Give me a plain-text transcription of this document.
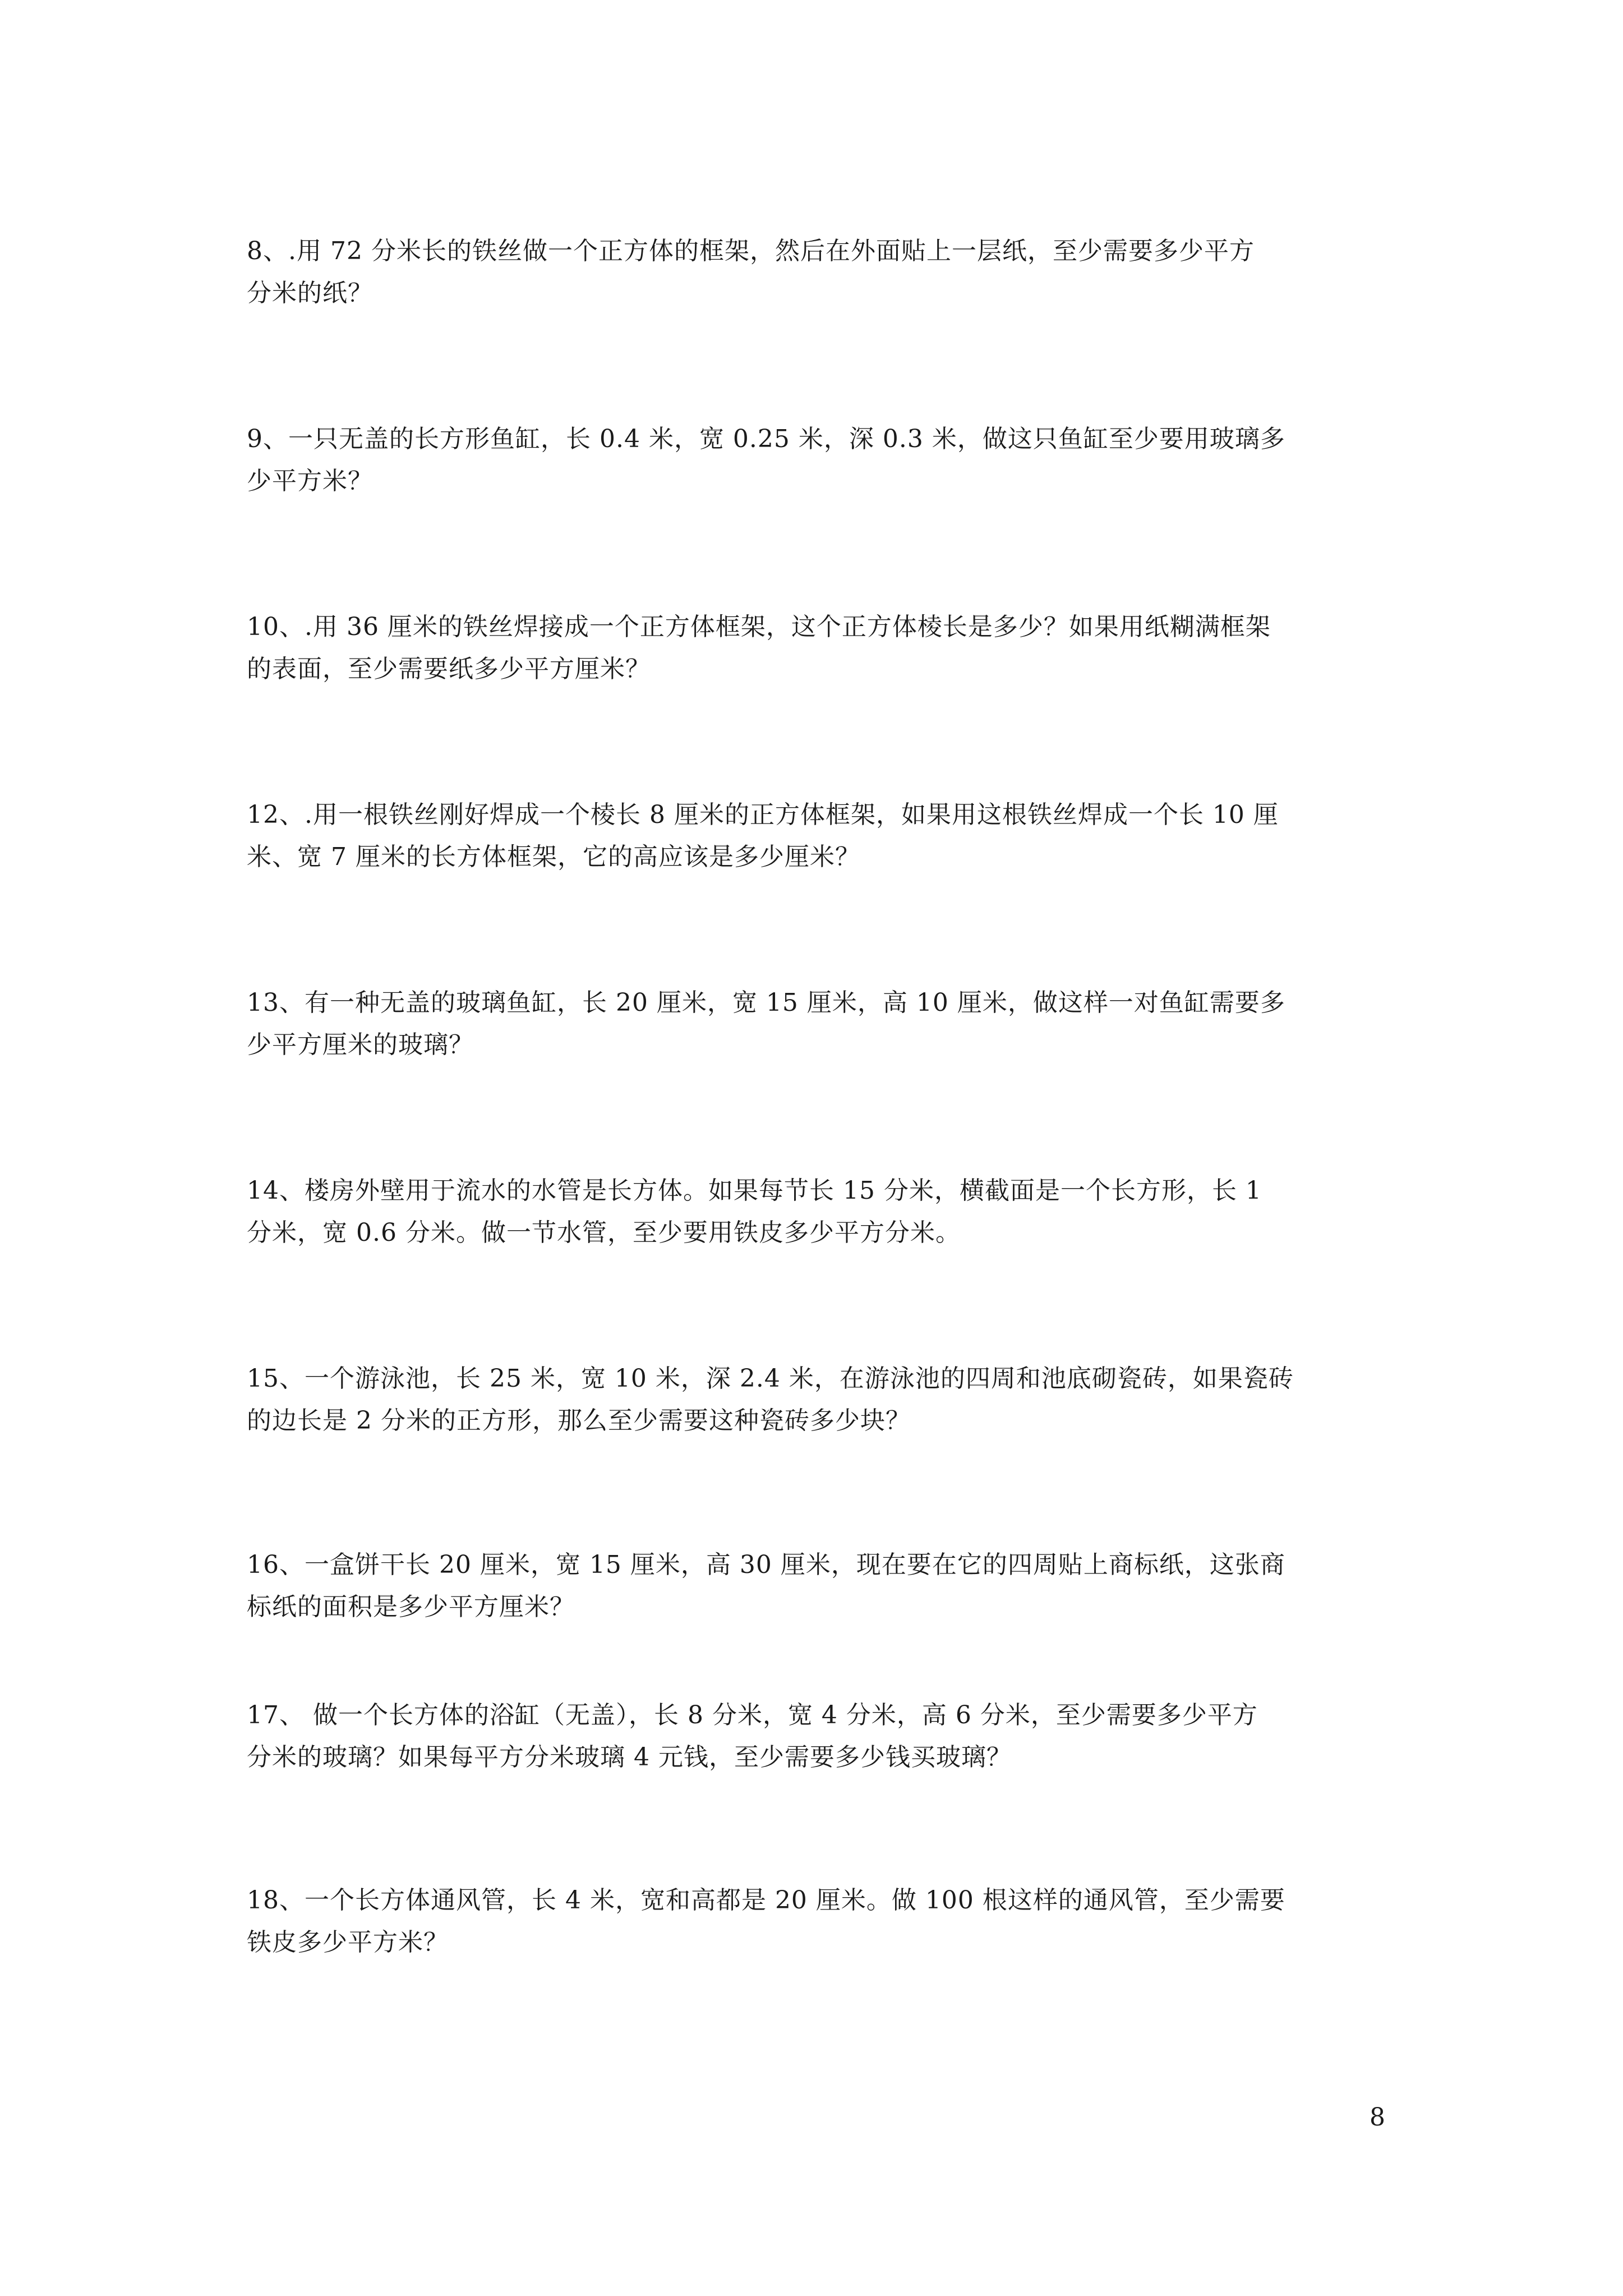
8、.用 72 分米长的铁丝做一个正方体的框架，然后在外面贴上一层纸，至少需要多少平方
分米的纸？
9、一只无盖的长方形鱼缸，长 0.4 米，宽 0.25 米，深 0.3 米，做这只鱼缸至少要用玻璃多
少平方米？
10、.用 36 厘米的铁丝焊接成一个正方体框架，这个正方体棱长是多少？如果用纸糊满框架
的表面，至少需要纸多少平方厘米？
12、.用一根铁丝刚好焊成一个棱长 8 厘米的正方体框架，如果用这根铁丝焊成一个长 10 厘
米、宽 7 厘米的长方体框架，它的高应该是多少厘米？
13、有一种无盖的玻璃鱼缸，长 20 厘米，宽 15 厘米，高 10 厘米，做这样一对鱼缸需要多
少平方厘米的玻璃？
14、楼房外壁用于流水的水管是长方体。如果每节长 15 分米，横截面是一个长方形，长 1
分米，宽 0.6 分米。做一节水管，至少要用铁皮多少平方分米。
15、一个游泳池，长 25 米，宽 10 米，深 2.4 米，在游泳池的四周和池底砌瓷砖，如果瓷砖
的边长是 2 分米的正方形，那么至少需要这种瓷砖多少块？
16、一盒饼干长 20 厘米，宽 15 厘米，高 30 厘米，现在要在它的四周贴上商标纸，这张商
标纸的面积是多少平方厘米？
17、 做一个长方体的浴缸（无盖），长 8 分米，宽 4 分米，高 6 分米，至少需要多少平方
分米的玻璃？如果每平方分米玻璃 4 元钱，至少需要多少钱买玻璃？
18、一个长方体通风管，长 4 米，宽和高都是 20 厘米。做 100 根这样的通风管，至少需要
铁皮多少平方米？
8
